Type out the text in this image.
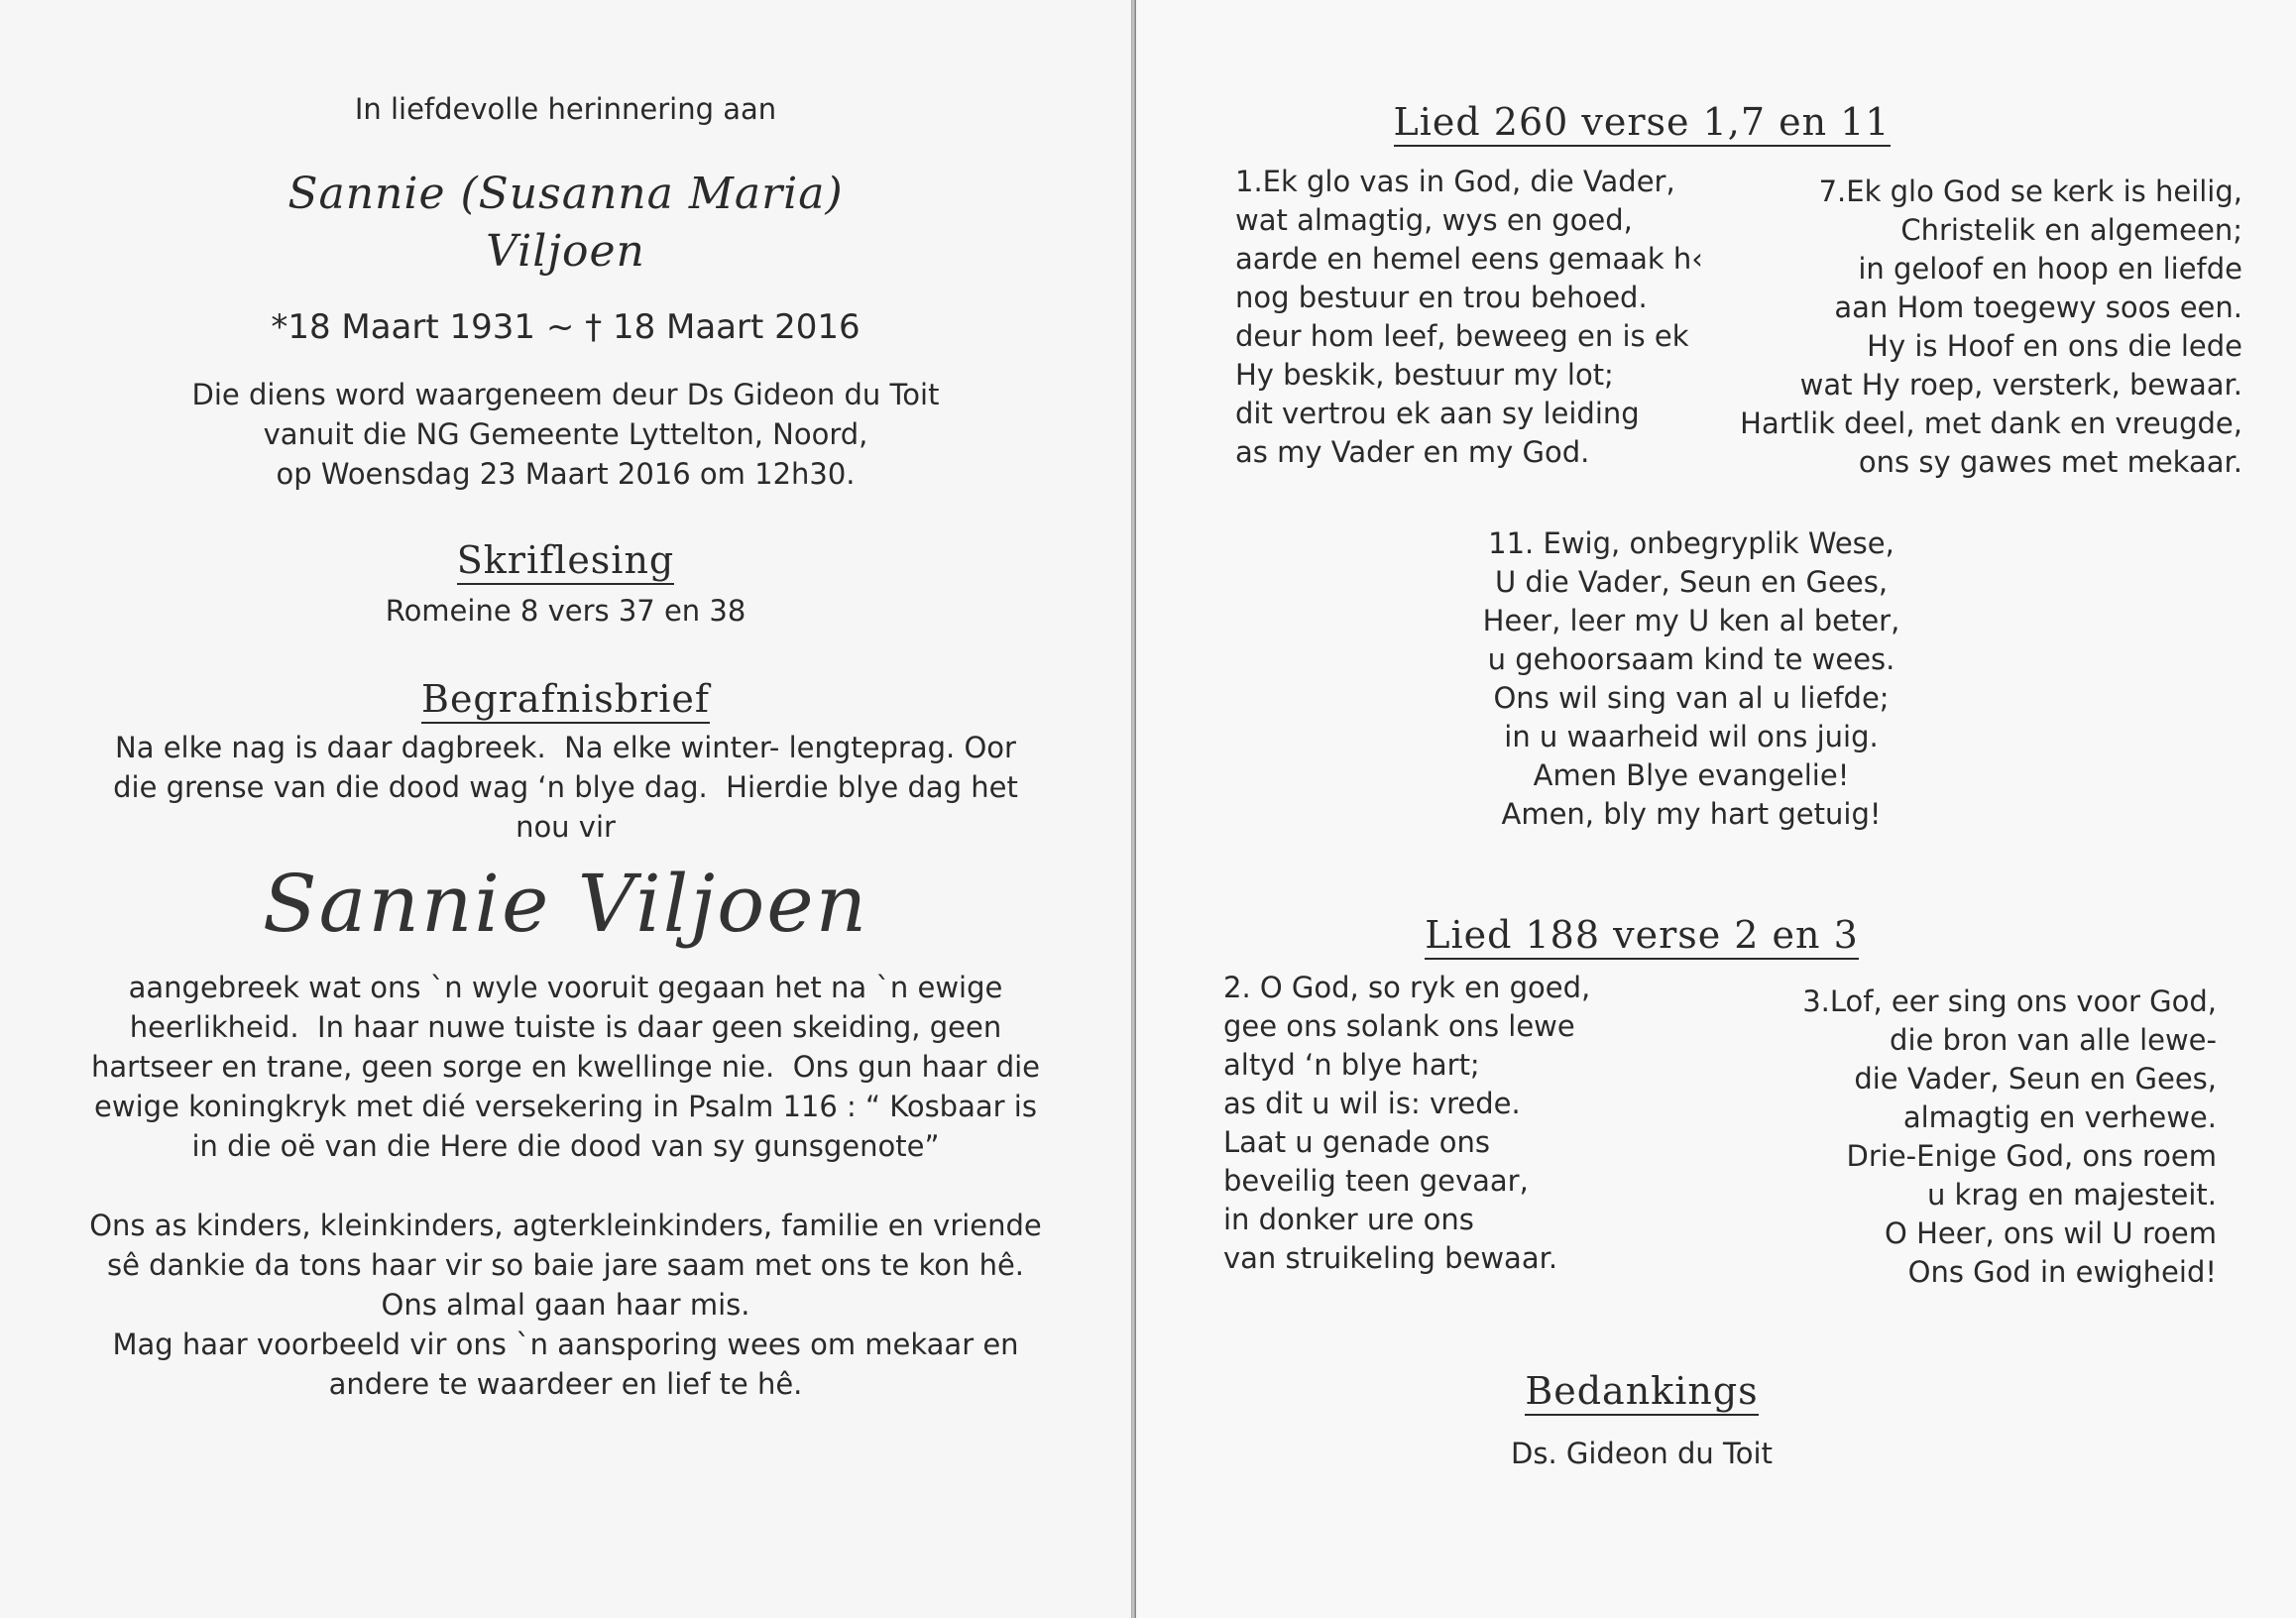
In liefdevolle herinnering aan
Sannie (Susanna Maria)
Viljoen
*18 Maart 1931 ~ † 18 Maart 2016
Die diens word waargeneem deur Ds Gideon du Toit
vanuit die NG Gemeente Lyttelton, Noord,
op Woensdag 23 Maart 2016 om 12h30.
Skriflesing
Romeine 8 vers 37 en 38
Begrafnisbrief
Na elke nag is daar dagbreek.  Na elke winter- lengteprag. Oor
die grense van die dood wag ‘n blye dag.  Hierdie blye dag het
nou vir
Sannie Viljoen
aangebreek wat ons `n wyle vooruit gegaan het na `n ewige
heerlikheid.  In haar nuwe tuiste is daar geen skeiding, geen
hartseer en trane, geen sorge en kwellinge nie.  Ons gun haar die
ewige koningkryk met dié versekering in Psalm 116 : “ Kosbaar is
in die oë van die Here die dood van sy gunsgenote”
Ons as kinders, kleinkinders, agterkleinkinders, familie en vriende
sê dankie da tons haar vir so baie jare saam met ons te kon hê.
Ons almal gaan haar mis.
Mag haar voorbeeld vir ons `n aansporing wees om mekaar en
andere te waardeer en lief te hê.
Lied 260 verse 1,7 en 11
1.Ek glo vas in God, die Vader,
wat almagtig, wys en goed,
aarde en hemel eens gemaak h‹
nog bestuur en trou behoed.
deur hom leef, beweeg en is ek
Hy beskik, bestuur my lot;
dit vertrou ek aan sy leiding
as my Vader en my God.
7.Ek glo God se kerk is heilig,
Christelik en algemeen;
in geloof en hoop en liefde
aan Hom toegewy soos een.
Hy is Hoof en ons die lede
wat Hy roep, versterk, bewaar.
Hartlik deel, met dank en vreugde,
ons sy gawes met mekaar.
11. Ewig, onbegryplik Wese,
U die Vader, Seun en Gees,
Heer, leer my U ken al beter,
u gehoorsaam kind te wees.
Ons wil sing van al u liefde;
in u waarheid wil ons juig.
Amen Blye evangelie!
Amen, bly my hart getuig!
Lied 188 verse 2 en 3
2. O God, so ryk en goed,
gee ons solank ons lewe
altyd ‘n blye hart;
as dit u wil is: vrede.
Laat u genade ons
beveilig teen gevaar,
in donker ure ons
van struikeling bewaar.
3.Lof, eer sing ons voor God,
die bron van alle lewe-
die Vader, Seun en Gees,
almagtig en verhewe.
Drie-Enige God, ons roem
u krag en majesteit.
O Heer, ons wil U roem
Ons God in ewigheid!
Bedankings
Ds. Gideon du Toit
